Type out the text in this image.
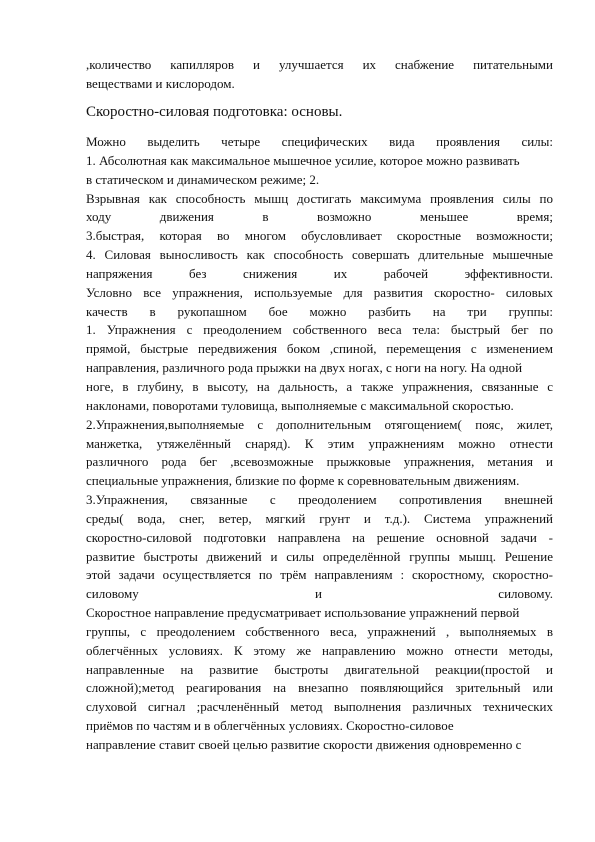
,количество капилляров и улучшается их снабжение питательными
веществами и кислородом.
Скоростно-силовая подготовка: основы.
Можно выделить четыре специфических вида проявления силы:
1. Абсолютная как максимальное мышечное усилие, которое можно развивать
в статическом и динамическом режиме; 2.
Взрывная как способность мышц достигать максимума проявления силы по
ходу движения в возможно меньшее время;
3.быстрая, которая во многом обусловливает скоростные возможности;
4. Силовая выносливость как способность совершать длительные мышечные
напряжения без снижения их рабочей эффективности.
Условно все упражнения, используемые для развития скоростно- силовых
качеств в рукопашном бое можно разбить на три группы:
1. Упражнения с преодолением собственного веса тела: быстрый бег по
прямой, быстрые передвижения боком ,спиной, перемещения с изменением
направления, различного рода прыжки на двух ногах, с ноги на ногу. На одной
ноге, в глубину, в высоту, на дальность, а также упражнения, связанные с
наклонами, поворотами туловища, выполняемые с максимальной скоростью.
2.Упражнения,выполняемые с дополнительным отягощением( пояс, жилет,
манжетка, утяжелённый снаряд). К этим упражнениям можно отнести
различного рода бег ,всевозможные прыжковые упражнения, метания и
специальные упражнения, близкие по форме к соревновательным движениям.
3.Упражнения, связанные с преодолением сопротивления внешней
среды( вода, снег, ветер, мягкий грунт и т.д.). Система упражнений
скоростно-силовой подготовки направлена на решение основной задачи -
развитие быстроты движений и силы определённой группы мышц. Решение
этой задачи осуществляется по трём направлениям : скоростному, скоростно-
силовому и силовому.
Скоростное направление предусматривает использование упражнений первой
группы, с преодолением собственного веса, упражнений , выполняемых в
облегчённых условиях. К этому же направлению можно отнести методы,
направленные на развитие быстроты двигательной реакции(простой и
сложной);метод реагирования на внезапно появляющийся зрительный или
слуховой сигнал ;расчленённый метод выполнения различных технических
приёмов по частям и в облегчённых условиях. Скоростно-силовое
направление ставит своей целью развитие скорости движения одновременно с
